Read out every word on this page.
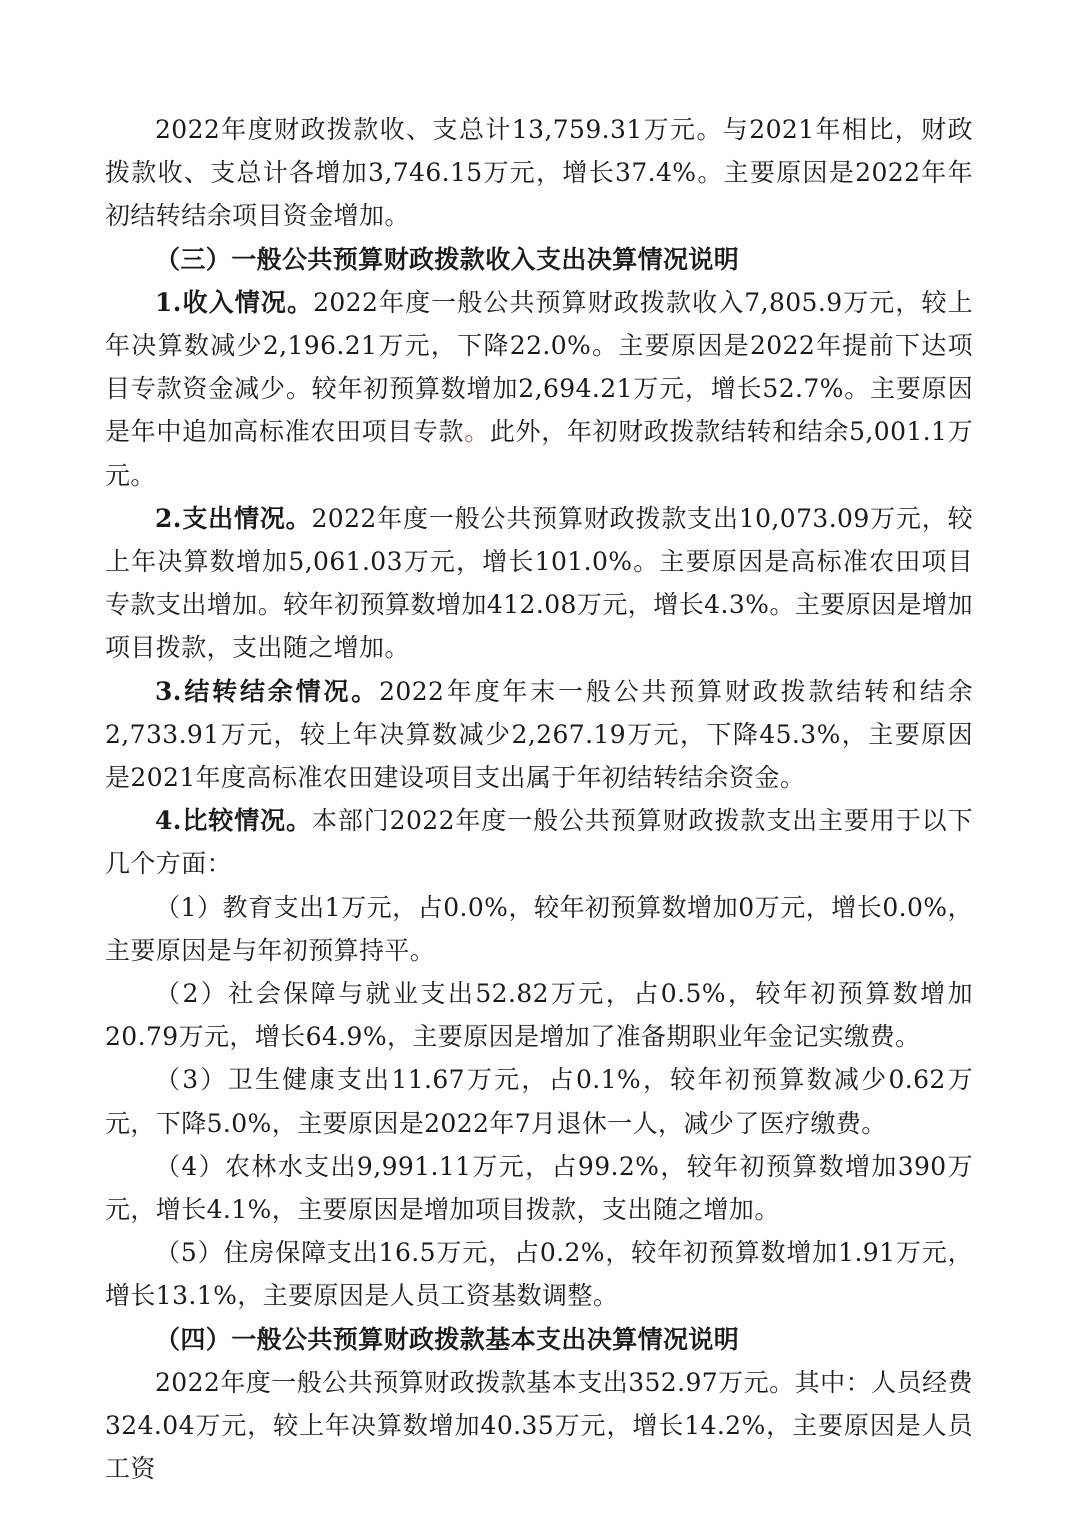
2022年度财政拨款收、支总计13,759.31万元。与2021年相比，财政拨款收、支总计各增加3,746.15万元，增长37.4%。主要原因是2022年年初结转结余项目资金增加。

（三）一般公共预算财政拨款收入支出决算情况说明

1.收入情况。2022年度一般公共预算财政拨款收入7,805.9万元，较上年决算数减少2,196.21万元，下降22.0%。主要原因是2022年提前下达项目专款资金减少。较年初预算数增加2,694.21万元，增长52.7%。主要原因是年中追加高标准农田项目专款。此外，年初财政拨款结转和结余5,001.1万元。

2.支出情况。2022年度一般公共预算财政拨款支出10,073.09万元，较上年决算数增加5,061.03万元，增长101.0%。主要原因是高标准农田项目专款支出增加。较年初预算数增加412.08万元，增长4.3%。主要原因是增加项目拨款，支出随之增加。

3.结转结余情况。2022年度年末一般公共预算财政拨款结转和结余2,733.91万元，较上年决算数减少2,267.19万元，下降45.3%，主要原因是2021年度高标准农田建设项目支出属于年初结转结余资金。

4.比较情况。本部门2022年度一般公共预算财政拨款支出主要用于以下几个方面：

（1）教育支出1万元，占0.0%，较年初预算数增加0万元，增长0.0%，主要原因是与年初预算持平。

（2）社会保障与就业支出52.82万元，占0.5%，较年初预算数增加20.79万元，增长64.9%，主要原因是增加了准备期职业年金记实缴费。

（3）卫生健康支出11.67万元，占0.1%，较年初预算数减少0.62万元，下降5.0%，主要原因是2022年7月退休一人，减少了医疗缴费。

（4）农林水支出9,991.11万元，占99.2%，较年初预算数增加390万元，增长4.1%，主要原因是增加项目拨款，支出随之增加。

（5）住房保障支出16.5万元，占0.2%，较年初预算数增加1.91万元，增长13.1%，主要原因是人员工资基数调整。

（四）一般公共预算财政拨款基本支出决算情况说明

2022年度一般公共预算财政拨款基本支出352.97万元。其中：人员经费324.04万元，较上年决算数增加40.35万元，增长14.2%，主要原因是人员工资
